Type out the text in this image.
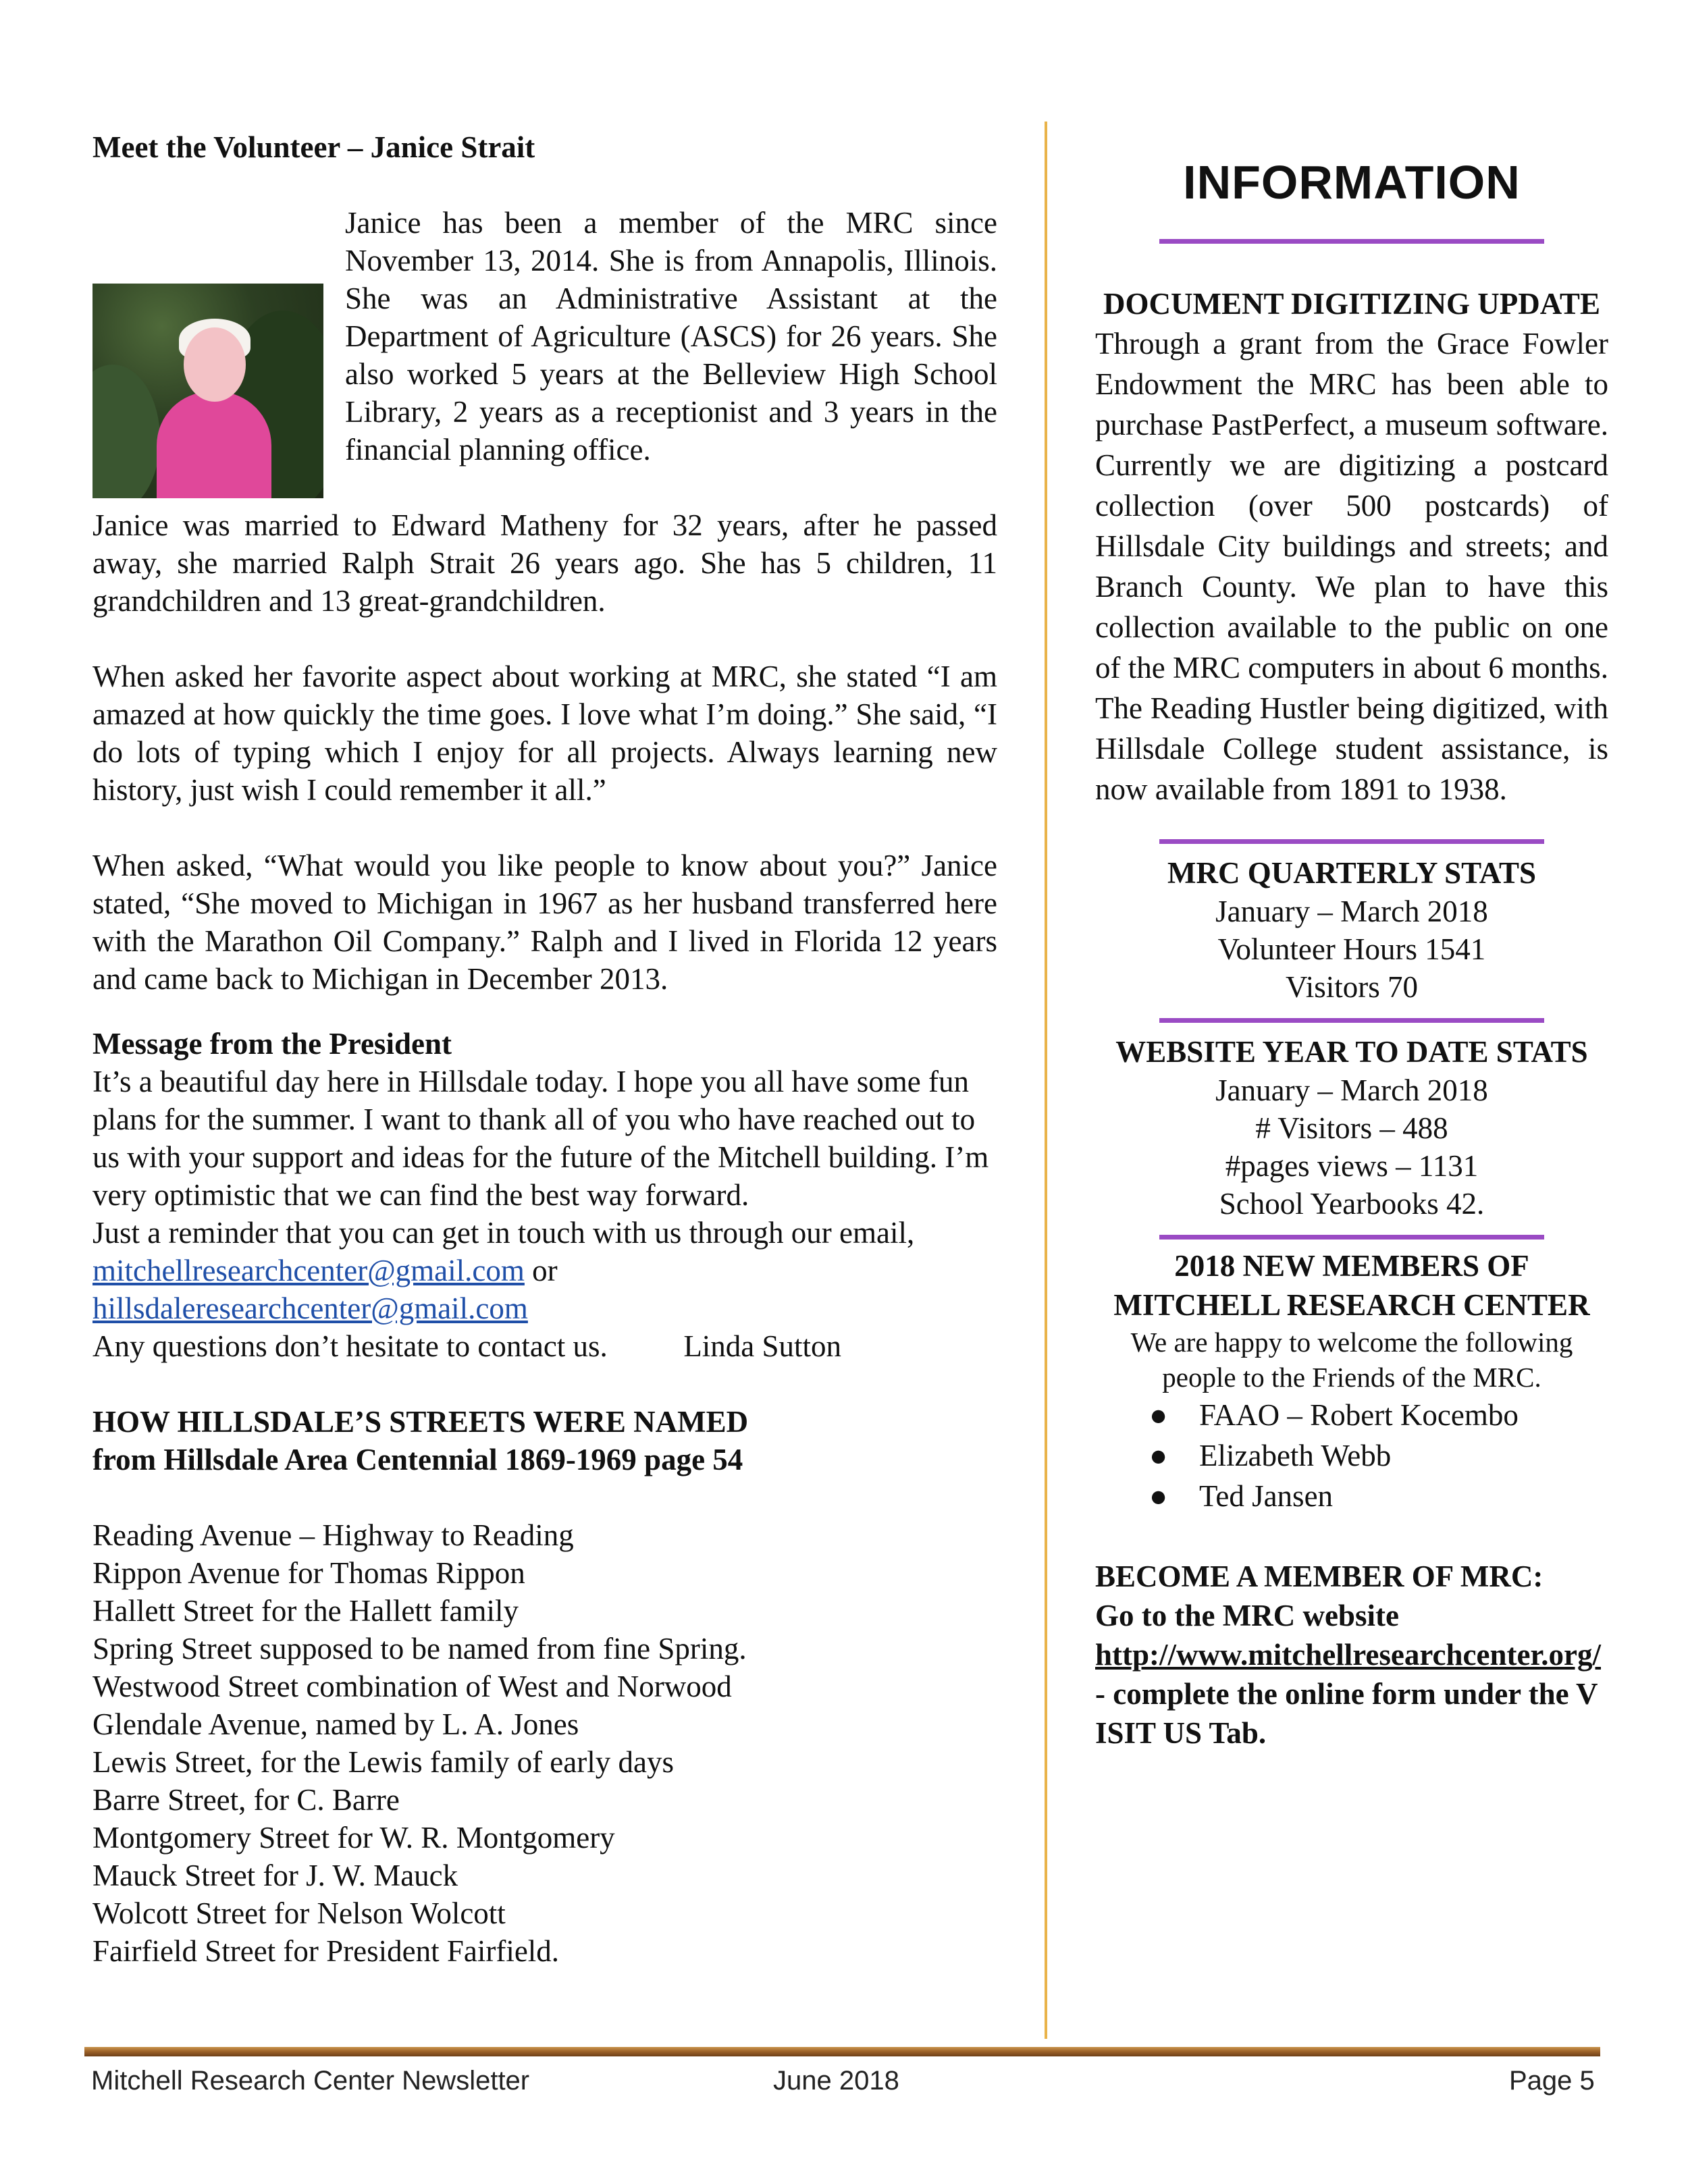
Meet the Volunteer – Janice Strait

Janice has been a member of the MRC since November 13, 2014. She is from Annapolis, Illinois. She was an Administrative Assistant at the Department of Agriculture (ASCS) for 26 years. She also worked 5 years at the Belleview High School Library, 2 years as a receptionist and 3 years in the financial planning office.

Janice was married to Edward Matheny for 32 years, after he passed away, she married Ralph Strait 26 years ago. She has 5 children, 11 grandchildren and 13 great-grandchildren.

When asked her favorite aspect about working at MRC, she stated “I am amazed at how quickly the time goes. I love what I’m doing.” She said, “I do lots of typing which I enjoy for all projects. Always learning new history, just wish I could remember it all.”

When asked, “What would you like people to know about you?” Janice stated, “She moved to Michigan in 1967 as her husband transferred here with the Marathon Oil Company.” Ralph and I lived in Florida 12 years and came back to Michigan in December 2013.

Message from the President

It’s a beautiful day here in Hillsdale today. I hope you all have some fun plans for the summer. I want to thank all of you who have reached out to us with your support and ideas for the future of the Mitchell building. I’m very optimistic that we can find the best way forward.

Just a reminder that you can get in touch with us through our email,

mitchellresearchcenter@gmail.com or

hillsdaleresearchcenter@gmail.com

Any questions don’t hesitate to contact us.	Linda Sutton

HOW HILLSDALE’S STREETS WERE NAMED
from Hillsdale Area Centennial 1869-1969 page 54

Reading Avenue – Highway to Reading

Rippon Avenue for Thomas Rippon

Hallett Street for the Hallett family

Spring Street supposed to be named from fine Spring.

Westwood Street combination of West and Norwood

Glendale Avenue, named by L. A. Jones

Lewis Street, for the Lewis family of early days

Barre Street, for C. Barre

Montgomery Street for W. R. Montgomery

Mauck Street for J. W. Mauck

Wolcott Street for Nelson Wolcott

Fairfield Street for President Fairfield.

INFORMATION
DOCUMENT DIGITIZING UPDATE

Through a grant from the Grace Fowler Endowment the MRC has been able to purchase PastPerfect, a museum software. Currently we are digitizing a postcard collection (over 500 postcards) of Hillsdale City buildings and streets; and Branch County. We plan to have this collection available to the public on one of the MRC computers in about 6 months.

The Reading Hustler being digitized, with Hillsdale College student assistance, is now available from 1891 to 1938.

MRC QUARTERLY STATS

January – March 2018

Volunteer Hours 1541

Visitors 70

WEBSITE YEAR TO DATE STATS

January – March 2018

# Visitors – 488

#pages views – 1131

School Yearbooks 42.

2018 NEW MEMBERS OF MITCHELL RESEARCH CENTER

We are happy to welcome the following people to the Friends of the MRC.

● FAAO – Robert Kocembo
● Elizabeth Webb
● Ted Jansen

BECOME A MEMBER OF MRC:

Go to the MRC website

http://www.mitchellresearchcenter.org/ - complete the online form under the VISIT US Tab.

Mitchell Research Center Newsletter	June 2018	Page 5
